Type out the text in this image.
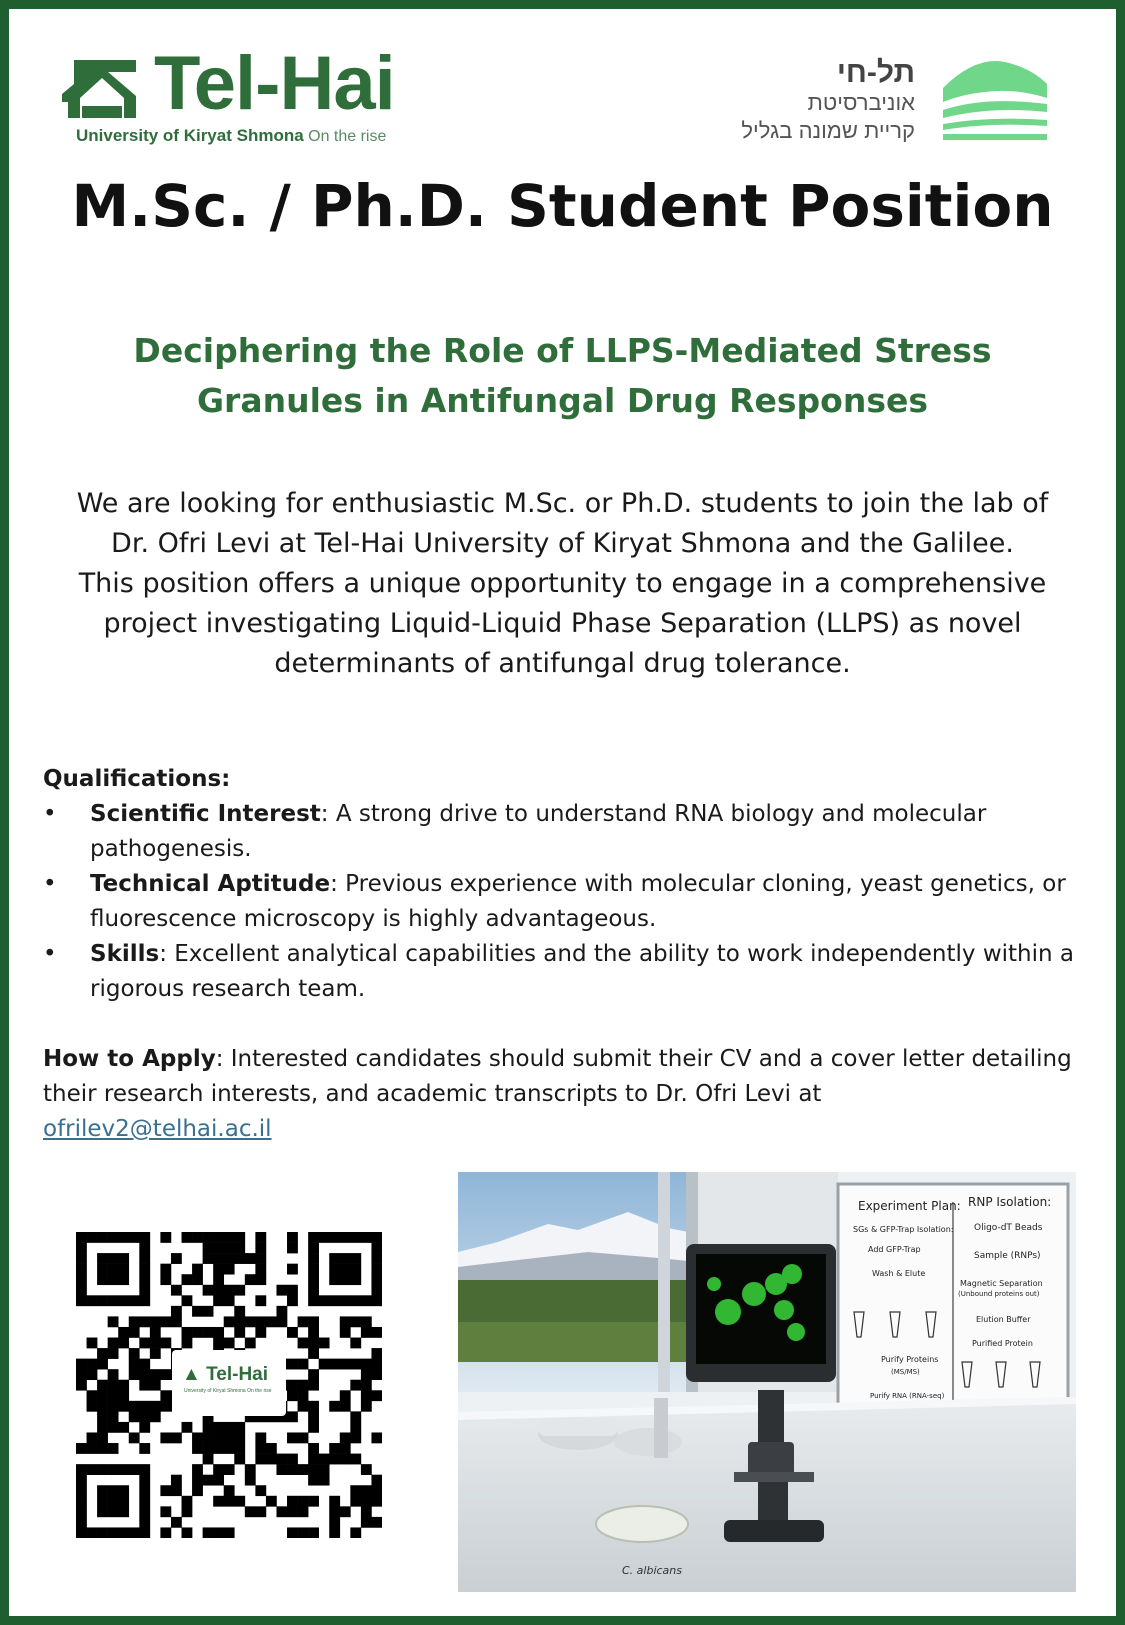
Tel-Hai
University of Kiryat Shmona On the rise
תל-חי
אוניברסיטת
קריית שמונה בגליל
M.Sc. / Ph.D. Student Position
Deciphering the Role of LLPS-Mediated Stress
Granules in Antifungal Drug Responses
We are looking for enthusiastic M.Sc. or Ph.D. students to join the lab of
Dr. Ofri Levi at Tel-Hai University of Kiryat Shmona and the Galilee.
This position offers a unique opportunity to engage in a comprehensive
project investigating Liquid-Liquid Phase Separation (LLPS) as novel
determinants of antifungal drug tolerance.
Qualifications:
• Scientific Interest: A strong drive to understand RNA biology and molecular pathogenesis.
• Technical Aptitude: Previous experience with molecular cloning, yeast genetics, or fluorescence microscopy is highly advantageous.
• Skills: Excellent analytical capabilities and the ability to work independently within a rigorous research team.
How to Apply: Interested candidates should submit their CV and a cover letter detailing their research interests, and academic transcripts to Dr. Ofri Levi at
ofrilev2@telhai.ac.il
▲ Tel-Hai
University of Kiryat Shmona On the rise
Experiment Plan:
SGs & GFP-Trap Isolation:
Add GFP-Trap
Wash & Elute
Purify Proteins
(MS/MS)
Purify RNA (RNA-seq)
RNP Isolation:
Oligo-dT Beads
Sample (RNPs)
Magnetic Separation
(Unbound proteins out)
Elution Buffer
Purified Protein
C. albicans
